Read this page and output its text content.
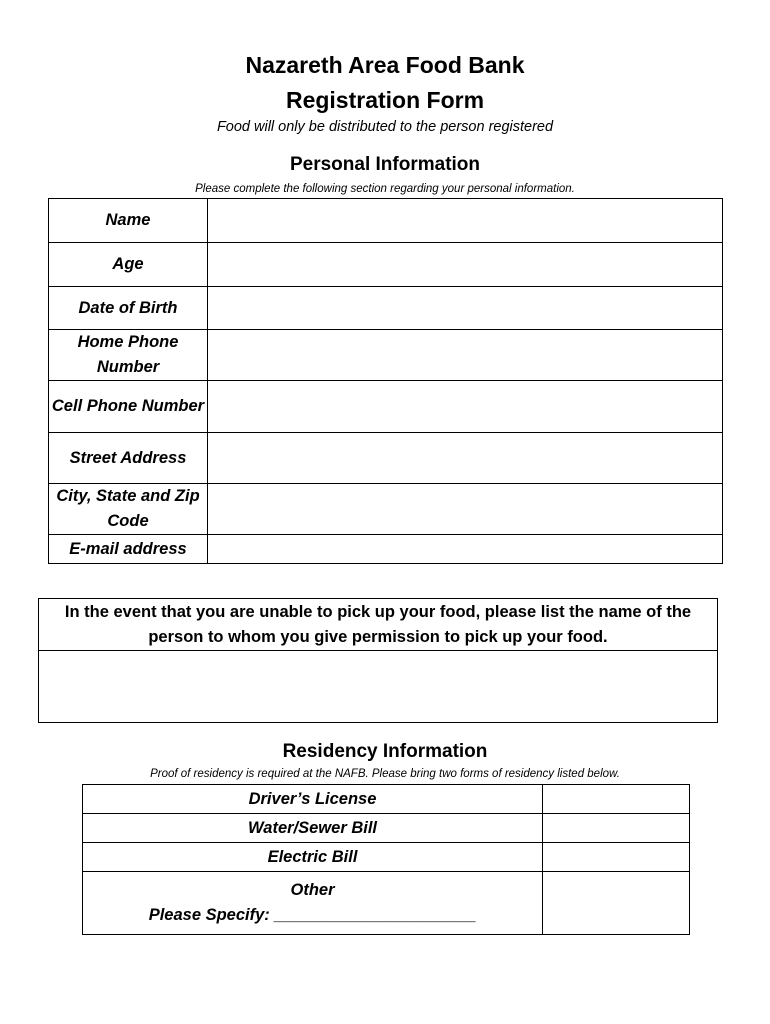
Nazareth Area Food Bank
Registration Form
Food will only be distributed to the person registered
Personal Information
Please complete the following section regarding your personal information.
Name	
Age	
Date of Birth	
Home Phone Number	
Cell Phone Number	
Street Address	
City, State and Zip Code	
E-mail address	
In the event that you are unable to pick up your food, please list the name of the person to whom you give permission to pick up your food.

Residency Information
Proof of residency is required at the NAFB. Please bring two forms of residency listed below.
Driver’s License	
Water/Sewer Bill	
Electric Bill	

Other
Please Specify: ______________________	
